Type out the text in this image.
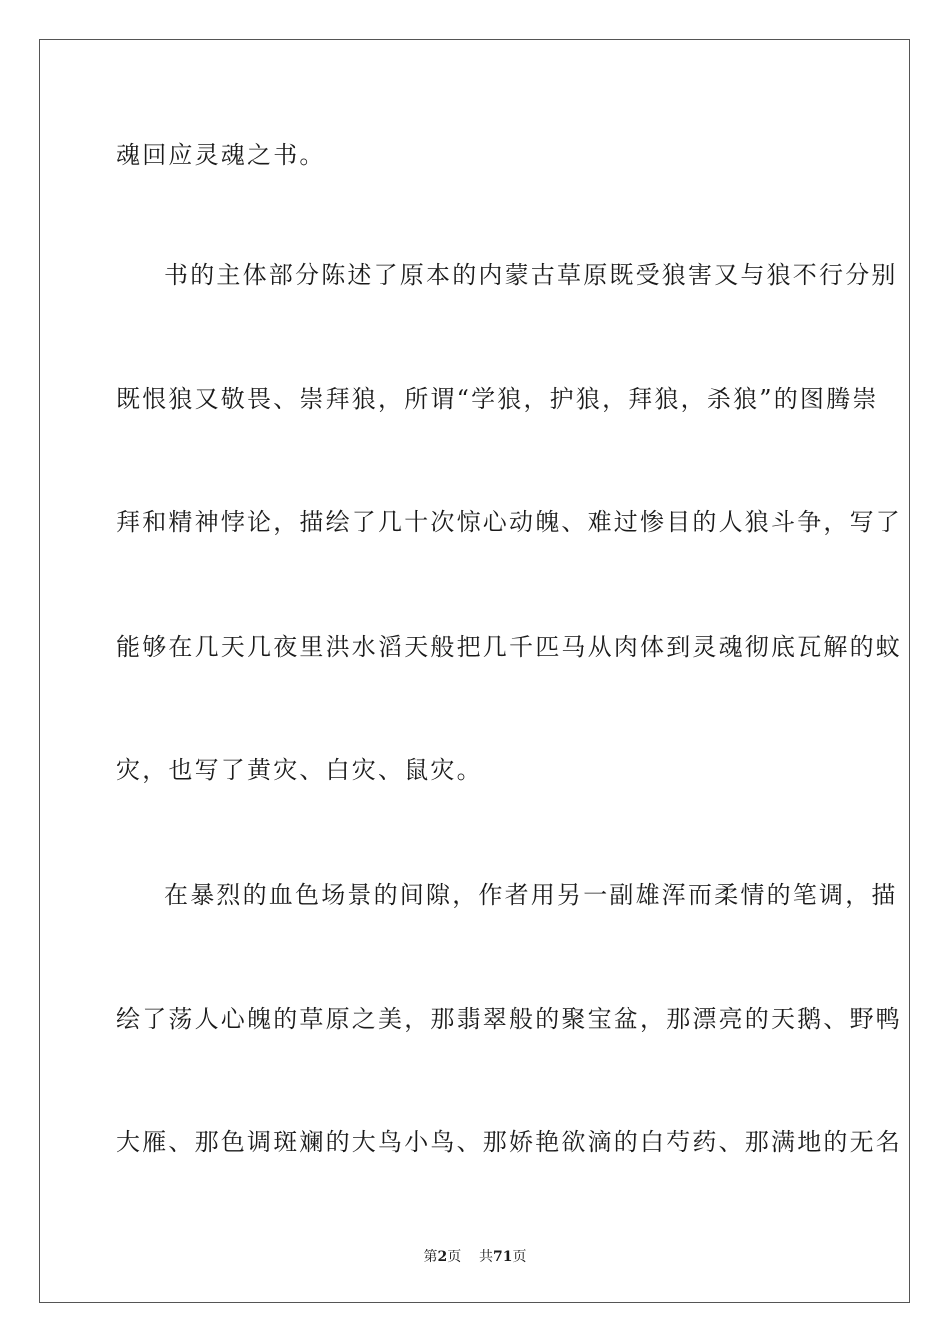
魂回应灵魂之书。
书的主体部分陈述了原本的内蒙古草原既受狼害又与狼不行分别
既恨狼又敬畏、崇拜狼，所谓“学狼，护狼，拜狼，杀狼”的图腾崇
拜和精神悖论，描绘了几十次惊心动魄、难过惨目的人狼斗争，写了
能够在几天几夜里洪水滔天般把几千匹马从肉体到灵魂彻底瓦解的蚊
灾，也写了黄灾、白灾、鼠灾。
在暴烈的血色场景的间隙，作者用另一副雄浑而柔情的笔调，描
绘了荡人心魄的草原之美，那翡翠般的聚宝盆，那漂亮的天鹅、野鸭
大雁、那色调斑斓的大鸟小鸟、那娇艳欲滴的白芍药、那满地的无名
第2页 共71页
